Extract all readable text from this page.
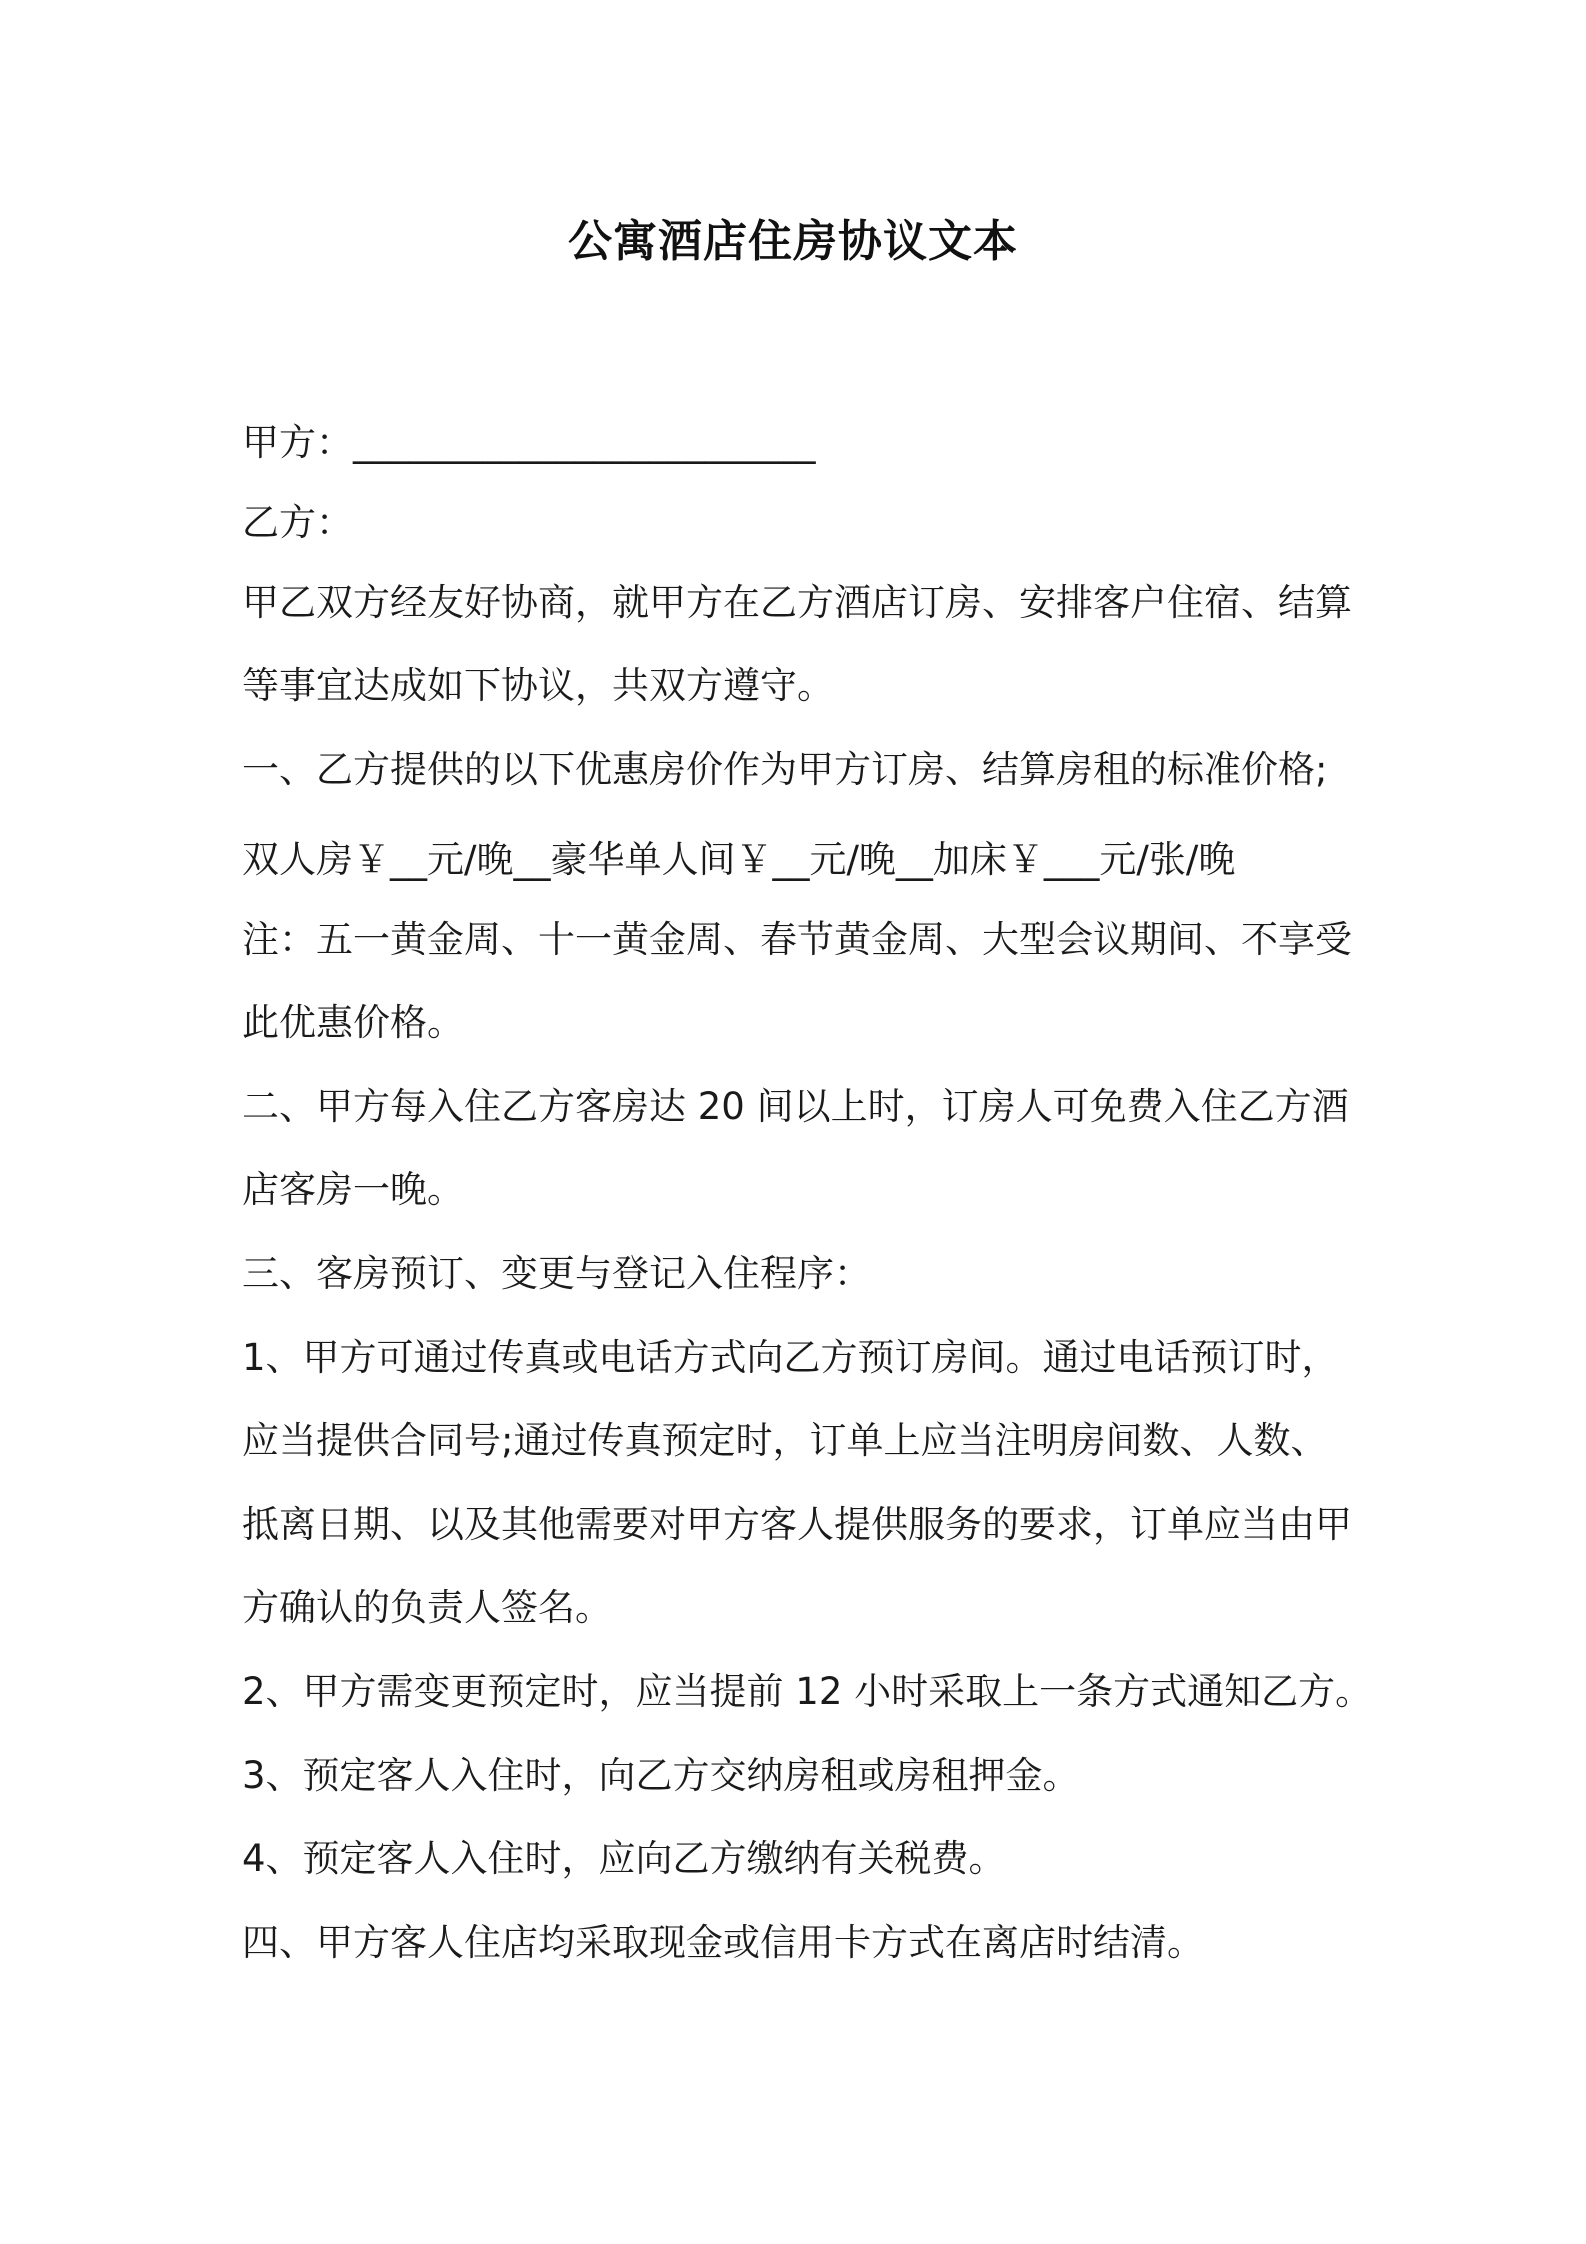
公寓酒店住房协议文本
甲方：_________________________
乙方：
甲乙双方经友好协商，就甲方在乙方酒店订房、安排客户住宿、结算
等事宜达成如下协议，共双方遵守。
一、乙方提供的以下优惠房价作为甲方订房、结算房租的标准价格;
双人房￥__元/晚__豪华单人间￥__元/晚__加床￥___元/张/晚
注：五一黄金周、十一黄金周、春节黄金周、大型会议期间、不享受
此优惠价格。
二、甲方每入住乙方客房达 20 间以上时，订房人可免费入住乙方酒
店客房一晚。
三、客房预订、变更与登记入住程序：
1、甲方可通过传真或电话方式向乙方预订房间。通过电话预订时，
应当提供合同号;通过传真预定时，订单上应当注明房间数、人数、
抵离日期、以及其他需要对甲方客人提供服务的要求，订单应当由甲
方确认的负责人签名。
2、甲方需变更预定时，应当提前 12 小时采取上一条方式通知乙方。
3、预定客人入住时，向乙方交纳房租或房租押金。
4、预定客人入住时，应向乙方缴纳有关税费。
四、甲方客人住店均采取现金或信用卡方式在离店时结清。
